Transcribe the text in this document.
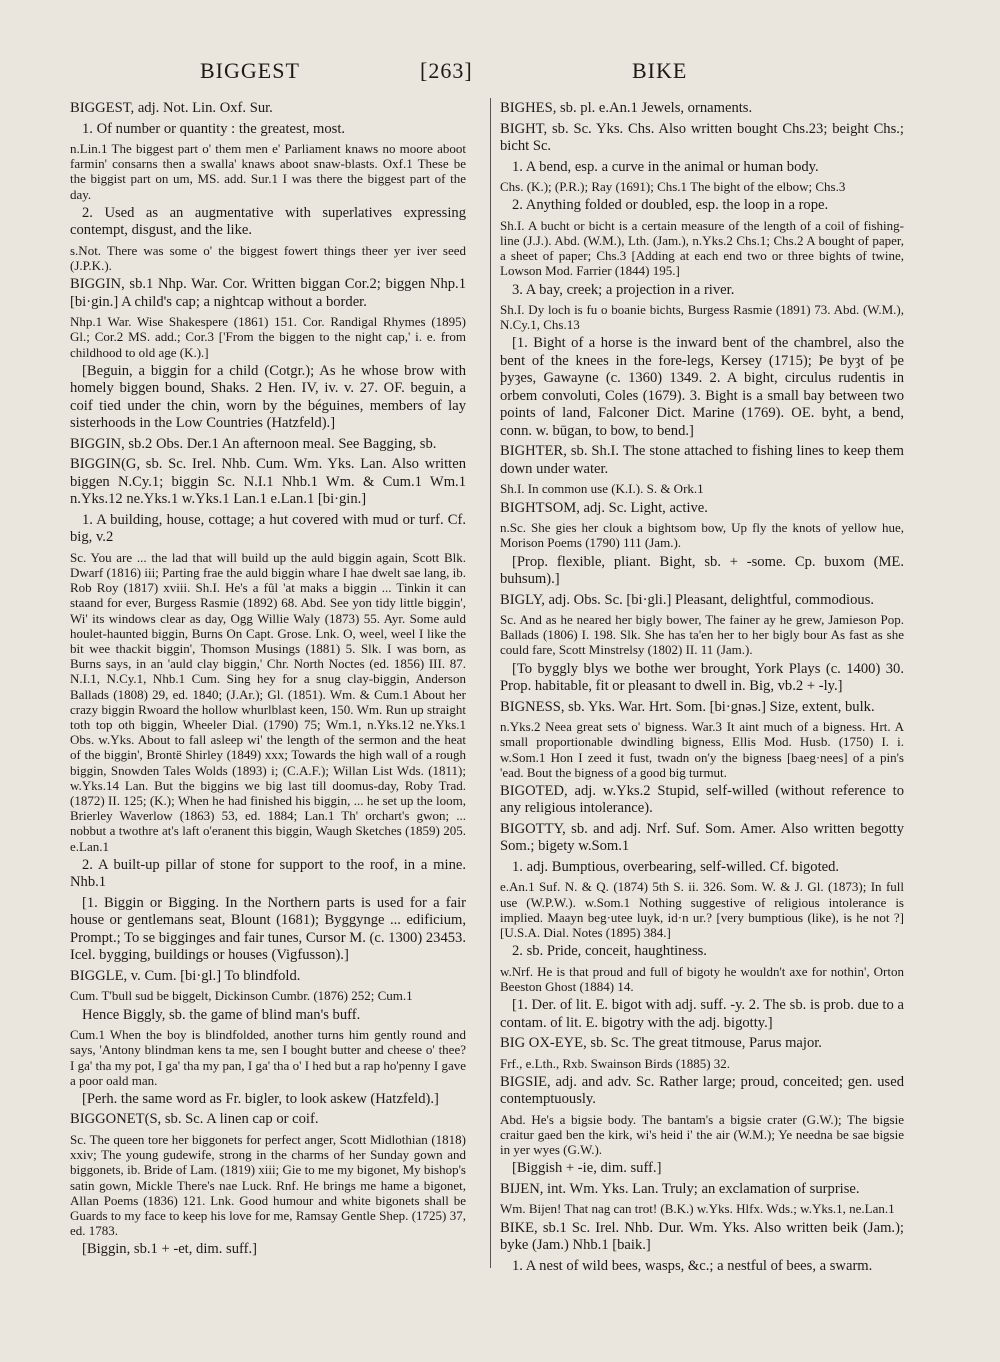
BIGGEST	[263]	BIKE

BIGGEST, adj. Not. Lin. Oxf. Sur.

1. Of number or quantity : the greatest, most.

n.Lin.1 The biggest part o' them men e' Parliament knaws no moore aboot farmin' consarns then a swalla' knaws aboot snaw-blasts. Oxf.1 These be the biggist part on um, MS. add. Sur.1 I was there the biggest part of the day.

2. Used as an augmentative with superlatives expressing contempt, disgust, and the like.

s.Not. There was some o' the biggest fowert things theer yer iver seed (J.P.K.).

BIGGIN, sb.1 Nhp. War. Cor. Written biggan Cor.2; biggen Nhp.1 [bi·gin.] A child's cap; a nightcap without a border.

Nhp.1 War. Wise Shakespere (1861) 151. Cor. Randigal Rhymes (1895) Gl.; Cor.2 MS. add.; Cor.3 ['From the biggen to the night cap,' i. e. from childhood to old age (K.).]

[Beguin, a biggin for a child (Cotgr.); As he whose brow with homely biggen bound, Shaks. 2 Hen. IV, iv. v. 27. OF. beguin, a coif tied under the chin, worn by the béguines, members of lay sisterhoods in the Low Countries (Hatzfeld).]

BIGGIN, sb.2 Obs. Der.1 An afternoon meal. See Bagging, sb.

BIGGIN(G, sb. Sc. Irel. Nhb. Cum. Wm. Yks. Lan. Also written biggen N.Cy.1; biggin Sc. N.I.1 Nhb.1 Wm. & Cum.1 Wm.1 n.Yks.12 ne.Yks.1 w.Yks.1 Lan.1 e.Lan.1 [bi·gin.]

1. A building, house, cottage; a hut covered with mud or turf. Cf. big, v.2

Sc. You are ... the lad that will build up the auld biggin again, Scott Blk. Dwarf (1816) iii; Parting frae the auld biggin whare I hae dwelt sae lang, ib. Rob Roy (1817) xviii. Sh.I. He's a fûl 'at maks a biggin ... Tinkin it can staand for ever, Burgess Rasmie (1892) 68. Abd. See yon tidy little biggin', Wi' its windows clear as day, Ogg Willie Waly (1873) 55. Ayr. Some auld houlet-haunted biggin, Burns On Capt. Grose. Lnk. O, weel, weel I like the bit wee thackit biggin', Thomson Musings (1881) 5. Slk. I was born, as Burns says, in an 'auld clay biggin,' Chr. North Noctes (ed. 1856) III. 87. N.I.1, N.Cy.1, Nhb.1 Cum. Sing hey for a snug clay-biggin, Anderson Ballads (1808) 29, ed. 1840; (J.Ar.); Gl. (1851). Wm. & Cum.1 About her crazy biggin Rwoard the hollow whurlblast keen, 150. Wm. Run up straight toth top oth biggin, Wheeler Dial. (1790) 75; Wm.1, n.Yks.12 ne.Yks.1 Obs. w.Yks. About to fall asleep wi' the length of the sermon and the heat of the biggin', Brontë Shirley (1849) xxx; Towards the high wall of a rough biggin, Snowden Tales Wolds (1893) i; (C.A.F.); Willan List Wds. (1811); w.Yks.14 Lan. But the biggins we big last till doomus-day, Roby Trad. (1872) II. 125; (K.); When he had finished his biggin, ... he set up the loom, Brierley Waverlow (1863) 53, ed. 1884; Lan.1 Th' orchart's gwon; ... nobbut a twothre at's laft o'eranent this biggin, Waugh Sketches (1859) 205. e.Lan.1

2. A built-up pillar of stone for support to the roof, in a mine. Nhb.1

[1. Biggin or Bigging. In the Northern parts is used for a fair house or gentlemans seat, Blount (1681); Byggynge ... edificium, Prompt.; To se bigginges and fair tunes, Cursor M. (c. 1300) 23453. Icel. bygging, buildings or houses (Vigfusson).]

BIGGLE, v. Cum. [bi·gl.] To blindfold.

Cum. T'bull sud be biggelt, Dickinson Cumbr. (1876) 252; Cum.1

Hence Biggly, sb. the game of blind man's buff.

Cum.1 When the boy is blindfolded, another turns him gently round and says, 'Antony blindman kens ta me, sen I bought butter and cheese o' thee? I ga' tha my pot, I ga' tha my pan, I ga' tha o' I hed but a rap ho'penny I gave a poor oald man.

[Perh. the same word as Fr. bigler, to look askew (Hatzfeld).]

BIGGONET(S, sb. Sc. A linen cap or coif.

Sc. The queen tore her biggonets for perfect anger, Scott Midlothian (1818) xxiv; The young gudewife, strong in the charms of her Sunday gown and biggonets, ib. Bride of Lam. (1819) xiii; Gie to me my bigonet, My bishop's satin gown, Mickle There's nae Luck. Rnf. He brings me hame a bigonet, Allan Poems (1836) 121. Lnk. Good humour and white bigonets shall be Guards to my face to keep his love for me, Ramsay Gentle Shep. (1725) 37, ed. 1783.

[Biggin, sb.1 + -et, dim. suff.]

BIGHES, sb. pl. e.An.1 Jewels, ornaments.

BIGHT, sb. Sc. Yks. Chs. Also written bought Chs.23; beight Chs.; bicht Sc.

1. A bend, esp. a curve in the animal or human body.

Chs. (K.); (P.R.); Ray (1691); Chs.1 The bight of the elbow; Chs.3

2. Anything folded or doubled, esp. the loop in a rope.

Sh.I. A bucht or bicht is a certain measure of the length of a coil of fishing-line (J.J.). Abd. (W.M.), Lth. (Jam.), n.Yks.2 Chs.1; Chs.2 A bought of paper, a sheet of paper; Chs.3 [Adding at each end two or three bights of twine, Lowson Mod. Farrier (1844) 195.]

3. A bay, creek; a projection in a river.

Sh.I. Dy loch is fu o boanie bichts, Burgess Rasmie (1891) 73. Abd. (W.M.), N.Cy.1, Chs.13

[1. Bight of a horse is the inward bent of the chambrel, also the bent of the knees in the fore-legs, Kersey (1715); Þe byȝt of þe þyȝes, Gawayne (c. 1360) 1349. 2. A bight, circulus rudentis in orbem convoluti, Coles (1679). 3. Bight is a small bay between two points of land, Falconer Dict. Marine (1769). OE. byht, a bend, conn. w. būgan, to bow, to bend.]

BIGHTER, sb. Sh.I. The stone attached to fishing lines to keep them down under water.

Sh.I. In common use (K.I.). S. & Ork.1

BIGHTSOM, adj. Sc. Light, active.

n.Sc. She gies her clouk a bightsom bow, Up fly the knots of yellow hue, Morison Poems (1790) 111 (Jam.).

[Prop. flexible, pliant. Bight, sb. + -some. Cp. buxom (ME. buhsum).]

BIGLY, adj. Obs. Sc. [bi·gli.] Pleasant, delightful, commodious.

Sc. And as he neared her bigly bower, The fainer ay he grew, Jamieson Pop. Ballads (1806) I. 198. Slk. She has ta'en her to her bigly bour As fast as she could fare, Scott Minstrelsy (1802) II. 11 (Jam.).

[To byggly blys we bothe wer brought, York Plays (c. 1400) 30. Prop. habitable, fit or pleasant to dwell in. Big, vb.2 + -ly.]

BIGNESS, sb. Yks. War. Hrt. Som. [bi·gnəs.] Size, extent, bulk.

n.Yks.2 Neea great sets o' bigness. War.3 It aint much of a bigness. Hrt. A small proportionable dwindling bigness, Ellis Mod. Husb. (1750) I. i. w.Som.1 Hon I zeed it fust, twadn on'y the bigness [baeg·nees] of a pin's 'ead. Bout the bigness of a good big turmut.

BIGOTED, adj. w.Yks.2 Stupid, self-willed (without reference to any religious intolerance).

BIGOTTY, sb. and adj. Nrf. Suf. Som. Amer. Also written begotty Som.; bigety w.Som.1

1. adj. Bumptious, overbearing, self-willed. Cf. bigoted.

e.An.1 Suf. N. & Q. (1874) 5th S. ii. 326. Som. W. & J. Gl. (1873); In full use (W.P.W.). w.Som.1 Nothing suggestive of religious intolerance is implied. Maayn beg·utee luyk, id·n ur.? [very bumptious (like), is he not ?] [U.S.A. Dial. Notes (1895) 384.]

2. sb. Pride, conceit, haughtiness.

w.Nrf. He is that proud and full of bigoty he wouldn't axe for nothin', Orton Beeston Ghost (1884) 14.

[1. Der. of lit. E. bigot with adj. suff. -y. 2. The sb. is prob. due to a contam. of lit. E. bigotry with the adj. bigotty.]

BIG OX-EYE, sb. Sc. The great titmouse, Parus major.

Frf., e.Lth., Rxb. Swainson Birds (1885) 32.

BIGSIE, adj. and adv. Sc. Rather large; proud, conceited; gen. used contemptuously.

Abd. He's a bigsie body. The bantam's a bigsie crater (G.W.); The bigsie craitur gaed ben the kirk, wi's heid i' the air (W.M.); Ye needna be sae bigsie in yer wyes (G.W.).

[Biggish + -ie, dim. suff.]

BIJEN, int. Wm. Yks. Lan. Truly; an exclamation of surprise.

Wm. Bijen! That nag can trot! (B.K.) w.Yks. Hlfx. Wds.; w.Yks.1, ne.Lan.1

BIKE, sb.1 Sc. Irel. Nhb. Dur. Wm. Yks. Also written beik (Jam.); byke (Jam.) Nhb.1 [baik.]

1. A nest of wild bees, wasps, &c.; a nestful of bees, a swarm.
